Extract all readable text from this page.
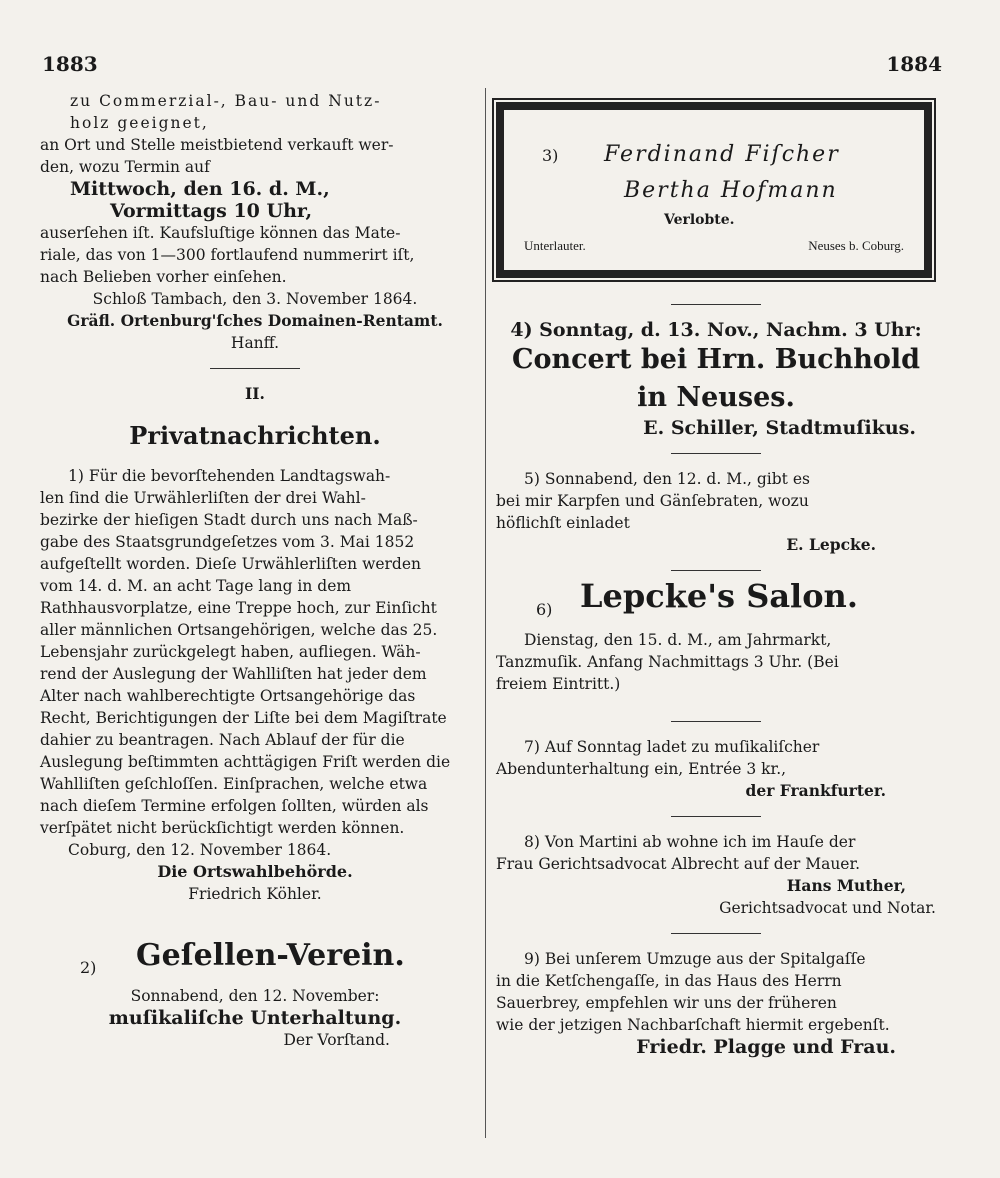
1883	1884

zu Commerzial-, Bau- und Nutz-

holz geeignet,

an Ort und Stelle meistbietend verkauft wer-

den, wozu Termin auf

Mittwoch, den 16. d. M.,

Vormittags 10 Uhr,

auserſehen iſt. Kaufsluſtige können das Mate-

riale, das von 1—300 fortlaufend nummerirt iſt,

nach Belieben vorher einſehen.

Schloß Tambach, den 3. November 1864.

Gräfl. Ortenburg'ſches Domainen-Rentamt.

Hanff.

II.

Privatnachrichten.

1) Für die bevorſtehenden Landtagswah-

len ſind die Urwählerliſten der drei Wahl-

bezirke der hieſigen Stadt durch uns nach Maß-

gabe des Staatsgrundgeſetzes vom 3. Mai 1852

aufgeſtellt worden. Dieſe Urwählerliſten werden

vom 14. d. M. an acht Tage lang in dem

Rathhausvorplatze, eine Treppe hoch, zur Einſicht

aller männlichen Ortsangehörigen, welche das 25.

Lebensjahr zurückgelegt haben, aufliegen. Wäh-

rend der Auslegung der Wahlliſten hat jeder dem

Alter nach wahlberechtigte Ortsangehörige das

Recht, Berichtigungen der Liſte bei dem Magiſtrate

dahier zu beantragen. Nach Ablauf der für die

Auslegung beſtimmten achttägigen Friſt werden die

Wahlliſten geſchloſſen. Einſprachen, welche etwa

nach dieſem Termine erfolgen ſollten, würden als

verſpätet nicht berückſichtigt werden können.

Coburg, den 12. November 1864.

Die Ortswahlbehörde.

Friedrich Köhler.

2) Geſellen-Verein.

Sonnabend, den 12. November:

muſikaliſche Unterhaltung.

Der Vorſtand.

3) Ferdinand Fiſcher
Bertha Hofmann
Verlobte.
Unterlauter.	Neuses b. Coburg.

4) Sonntag, d. 13. Nov., Nachm. 3 Uhr:

Concert bei Hrn. Buchhold in Neuses.

E. Schiller, Stadtmuſikus.

5) Sonnabend, den 12. d. M., gibt es

bei mir Karpfen und Gänſebraten, wozu

höflichſt einladet

E. Lepcke.

6) Lepcke's Salon.

Dienstag, den 15. d. M., am Jahrmarkt,

Tanzmuſik. Anfang Nachmittags 3 Uhr. (Bei

freiem Eintritt.)

7) Auf Sonntag ladet zu muſikaliſcher

Abendunterhaltung ein, Entrée 3 kr.,

der Frankfurter.

8) Von Martini ab wohne ich im Hauſe der

Frau Gerichtsadvocat Albrecht auf der Mauer.

Hans Muther,

Gerichtsadvocat und Notar.

9) Bei unſerem Umzuge aus der Spitalgaſſe

in die Ketſchengaſſe, in das Haus des Herrn

Sauerbrey, empfehlen wir uns der früheren

wie der jetzigen Nachbarſchaft hiermit ergebenſt.

Friedr. Plagge und Frau.
